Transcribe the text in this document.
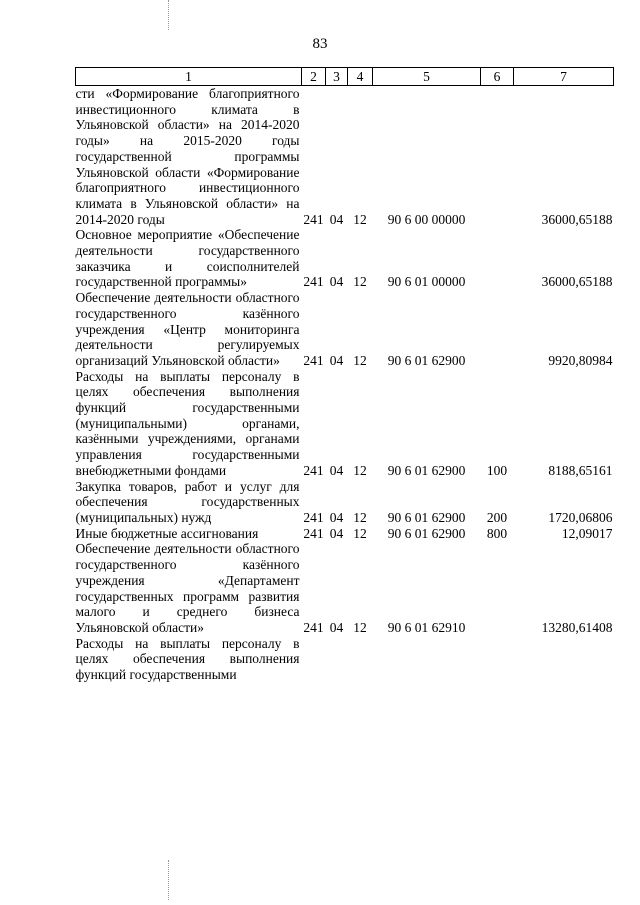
83
1	2	3	4	5	6	7
сти «Формирование благоприятного инвестиционного климата в Ульяновской области» на 2014-2020 годы» на 2015-2020 годы государственной программы Ульяновской области «Формирование благоприятного инвестиционного климата в Ульяновской области» на 2014-2020 годы	241	04	12	90 6 00 00000		36000,65188
Основное мероприятие «Обеспечение деятельности государственного заказчика и соисполнителей государственной программы»	241	04	12	90 6 01 00000		36000,65188
Обеспечение деятельности областного государственного казённого учреждения «Центр мониторинга деятельности регулируемых организаций Ульяновской области»	241	04	12	90 6 01 62900		9920,80984
Расходы на выплаты персоналу в целях обеспечения выполнения функций государственными (муниципальными) органами, казёнными учреждениями, органами управления государственными внебюджетными фондами	241	04	12	90 6 01 62900	100	8188,65161
Закупка товаров, работ и услуг для обеспечения государственных (муниципальных) нужд	241	04	12	90 6 01 62900	200	1720,06806
Иные бюджетные ассигнования	241	04	12	90 6 01 62900	800	12,09017
Обеспечение деятельности областного государственного казённого учреждения «Департамент государственных программ развития малого и среднего бизнеса Ульяновской области»	241	04	12	90 6 01 62910		13280,61408
Расходы на выплаты персоналу в целях обеспечения выполнения функций государственными						
